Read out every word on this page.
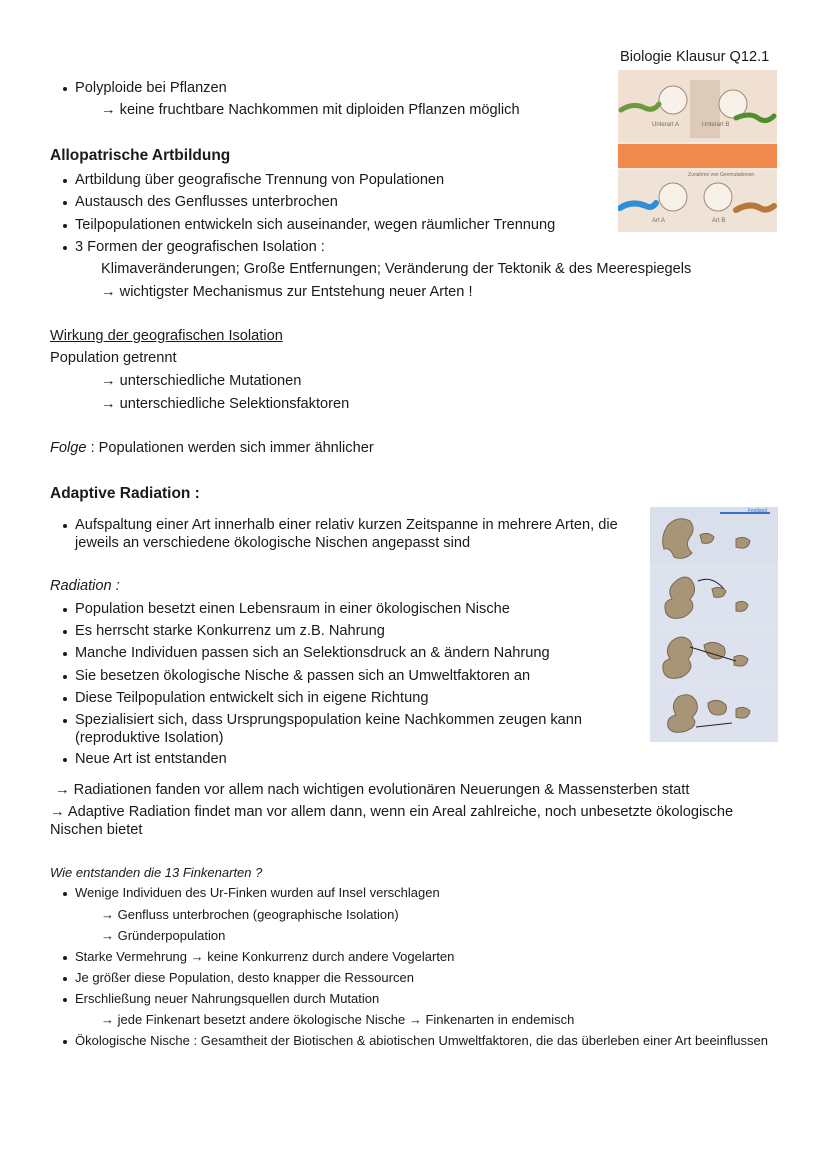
Biologie Klausur Q12.1
Polyploide bei Pflanzen
→ keine fruchtbare Nachkommen mit diploiden Pflanzen möglich
Unterart A	Unterart B
Zunahme von Genmutationen
Art A	Art B
Allopatrische Artbildung
Artbildung über geografische Trennung von Populationen
Austausch des Genflusses unterbrochen
Teilpopulationen entwickeln sich auseinander, wegen räumlicher Trennung
3 Formen der geografischen Isolation :
Klimaveränderungen; Große Entfernungen; Veränderung der Tektonik & des Meerespiegels
→ wichtigster Mechanismus zur Entstehung neuer Arten !
Wirkung der geografischen Isolation
Population getrennt
→ unterschiedliche Mutationen
→ unterschiedliche Selektionsfaktoren
Folge : Populationen werden sich immer ähnlicher
Adaptive Radiation :
Aufspaltung einer Art innerhalb einer relativ kurzen Zeitspanne in mehrere Arten, die jeweils an verschiedene ökologische Nischen angepasst sind
Festland
Radiation :
Population besetzt einen Lebensraum in einer ökologischen Nische
Es herrscht starke Konkurrenz um z.B. Nahrung
Manche Individuen passen sich an Selektionsdruck an & ändern Nahrung
Sie besetzen ökologische Nische & passen sich an Umweltfaktoren an
Diese Teilpopulation entwickelt sich in eigene Richtung
Spezialisiert sich, dass Ursprungspopulation keine Nachkommen zeugen kann (reproduktive Isolation)
Neue Art ist entstanden
→ Radiationen fanden vor allem nach wichtigen evolutionären Neuerungen & Massensterben statt
→ Adaptive Radiation findet man vor allem dann, wenn ein Areal zahlreiche, noch unbesetzte ökologische Nischen bietet
Wie entstanden die 13 Finkenarten ?
Wenige Individuen des Ur-Finken wurden auf Insel verschlagen
→ Genfluss unterbrochen (geographische Isolation)
→ Gründerpopulation
Starke Vermehrung → keine Konkurrenz durch andere Vogelarten
Je größer diese Population, desto knapper die Ressourcen
Erschließung neuer Nahrungsquellen durch Mutation
→ jede Finkenart besetzt andere ökologische Nische → Finkenarten in endemisch
Ökologische Nische : Gesamtheit der Biotischen & abiotischen Umweltfaktoren, die das überleben einer Art beeinflussen
